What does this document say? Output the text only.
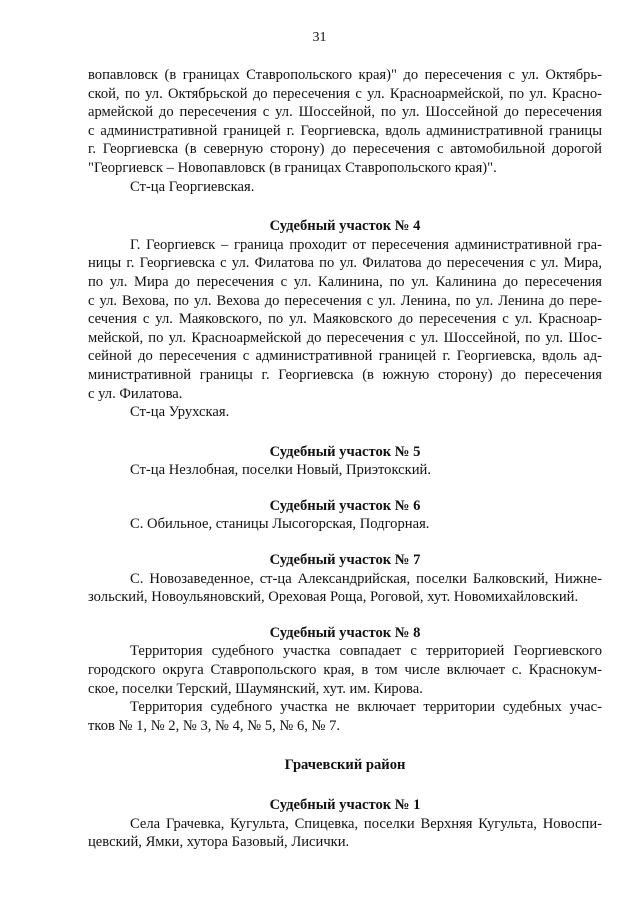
31
вопавловск (в границах Ставропольского края)" до пересечения с ул. Октябрь-
ской, по ул. Октябрьской до пересечения с ул. Красноармейской, по ул. Красно-
армейской до пересечения с ул. Шоссейной, по ул. Шоссейной до пересечения
с административной границей г. Георгиевска, вдоль административной границы
г. Георгиевска (в северную сторону) до пересечения с автомобильной дорогой
"Георгиевск – Новопавловск (в границах Ставропольского края)".
Ст-ца Георгиевская.
Судебный участок № 4
Г. Георгиевск – граница проходит от пересечения административной гра-
ницы г. Георгиевска с ул. Филатова по ул. Филатова до пересечения с ул. Мира,
по ул. Мира до пересечения с ул. Калинина, по ул. Калинина до пересечения
с ул. Вехова, по ул. Вехова до пересечения с ул. Ленина, по ул. Ленина до пере-
сечения с ул. Маяковского, по ул. Маяковского до пересечения с ул. Красноар-
мейской, по ул. Красноармейской до пересечения с ул. Шоссейной, по ул. Шос-
сейной до пересечения с административной границей г. Георгиевска, вдоль ад-
министративной границы г. Георгиевска (в южную сторону) до пересечения
с ул. Филатова.
Ст-ца Урухская.
Судебный участок № 5
Ст-ца Незлобная, поселки Новый, Приэтокский.
Судебный участок № 6
С. Обильное, станицы Лысогорская, Подгорная.
Судебный участок № 7
С. Новозаведенное, ст-ца Александрийская, поселки Балковский, Нижне-
зольский, Новоульяновский, Ореховая Роща, Роговой, хут. Новомихайловский.
Судебный участок № 8
Территория судебного участка совпадает с территорией Георгиевского
городского округа Ставропольского края, в том числе включает с. Краснокум-
ское, поселки Терский, Шаумянский, хут. им. Кирова.
Территория судебного участка не включает территории судебных учас-
тков № 1, № 2, № 3, № 4, № 5, № 6, № 7.
Грачевский район
Судебный участок № 1
Села Грачевка, Кугульта, Спицевка, поселки Верхняя Кугульта, Новоспи-
цевский, Ямки, хутора Базовый, Лисички.
